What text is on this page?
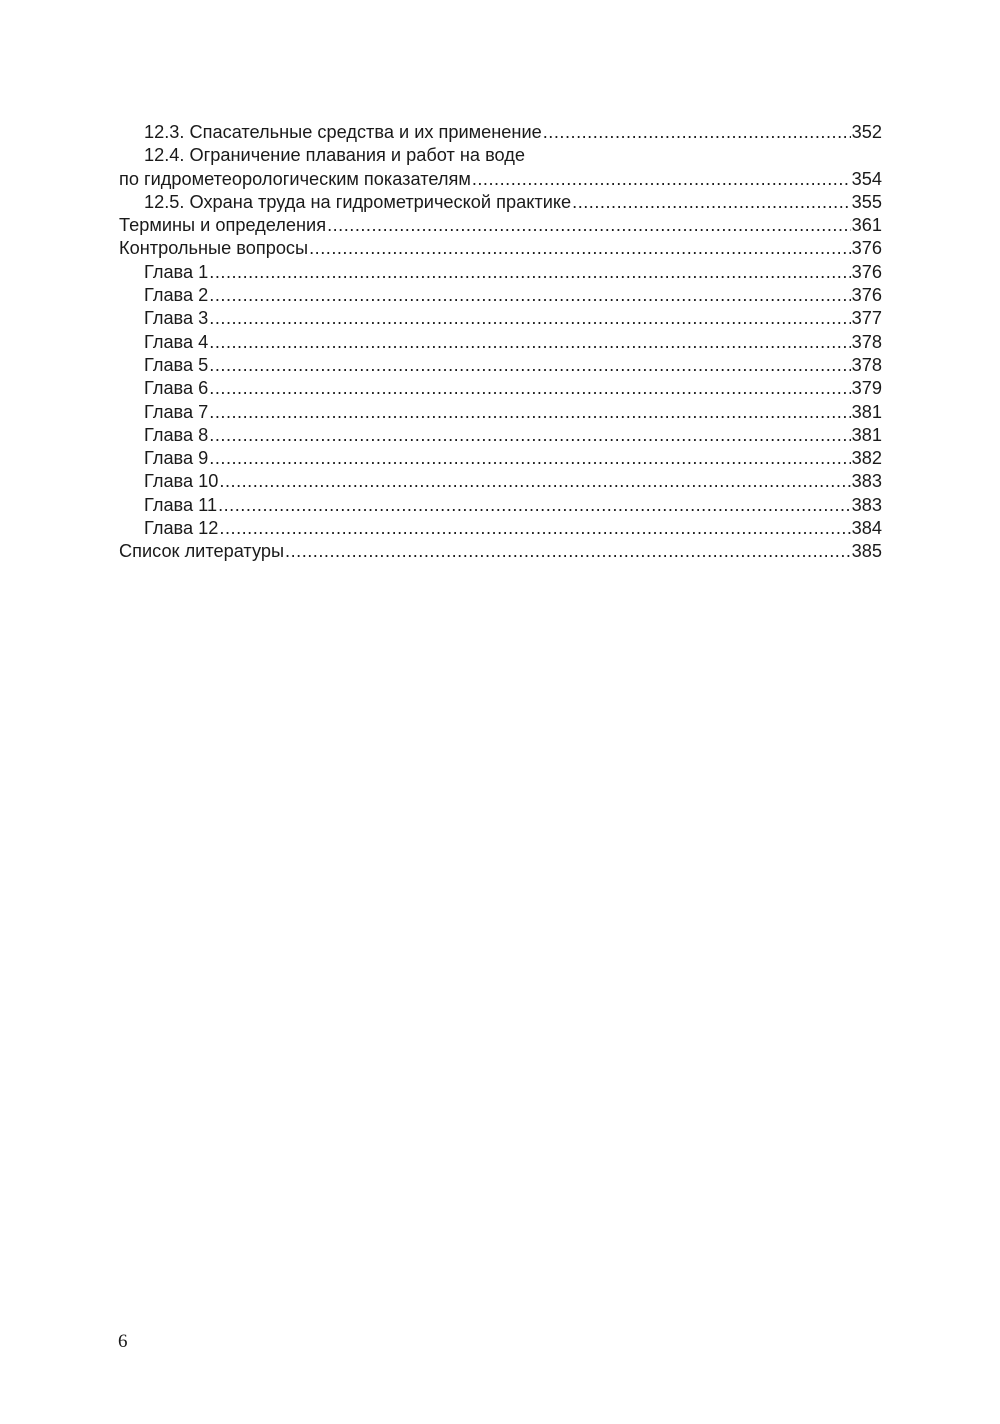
12.3. Спасательные средства и их применение .....	352
12.4. Ограничение плавания и работ на воде
по гидрометеорологическим показателям .....	354
12.5. Охрана труда на гидрометрической практике .....	355
Термины и определения .....	361
Контрольные вопросы .....	376
Глава 1 .....	376
Глава 2 .....	376
Глава 3 .....	377
Глава 4 .....	378
Глава 5 .....	378
Глава 6 .....	379
Глава 7 .....	381
Глава 8 .....	381
Глава 9 .....	382
Глава 10 .....	383
Глава 11 .....	383
Глава 12 .....	384
Список литературы .....	385
6
